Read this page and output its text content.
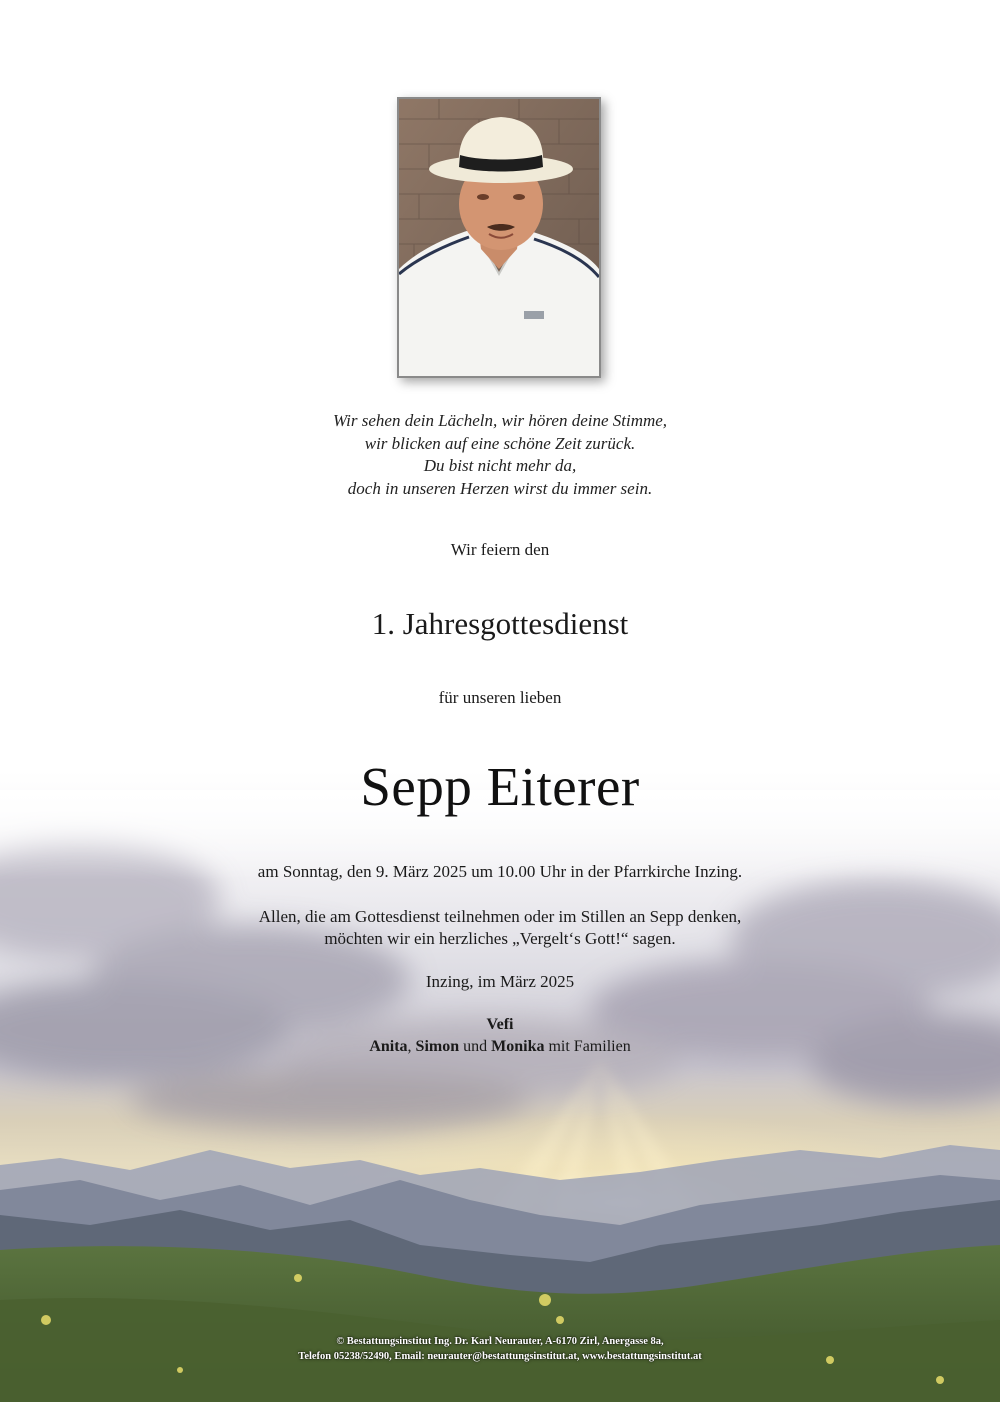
Wir sehen dein Lächeln, wir hören deine Stimme,
wir blicken auf eine schöne Zeit zurück.
Du bist nicht mehr da,
doch in unseren Herzen wirst du immer sein.
Wir feiern den
1. Jahresgottesdienst
für unseren lieben
Sepp Eiterer
am Sonntag, den 9. März 2025 um 10.00 Uhr in der Pfarrkirche Inzing.
Allen, die am Gottesdienst teilnehmen oder im Stillen an Sepp denken,
möchten wir ein herzliches „Vergelt‘s Gott!“ sagen.
Inzing, im März 2025
Vefi
Anita, Simon und Monika mit Familien
© Bestattungsinstitut Ing. Dr. Karl Neurauter, A-6170 Zirl, Anergasse 8a,
Telefon 05238/52490, Email: neurauter@bestattungsinstitut.at, www.bestattungsinstitut.at
